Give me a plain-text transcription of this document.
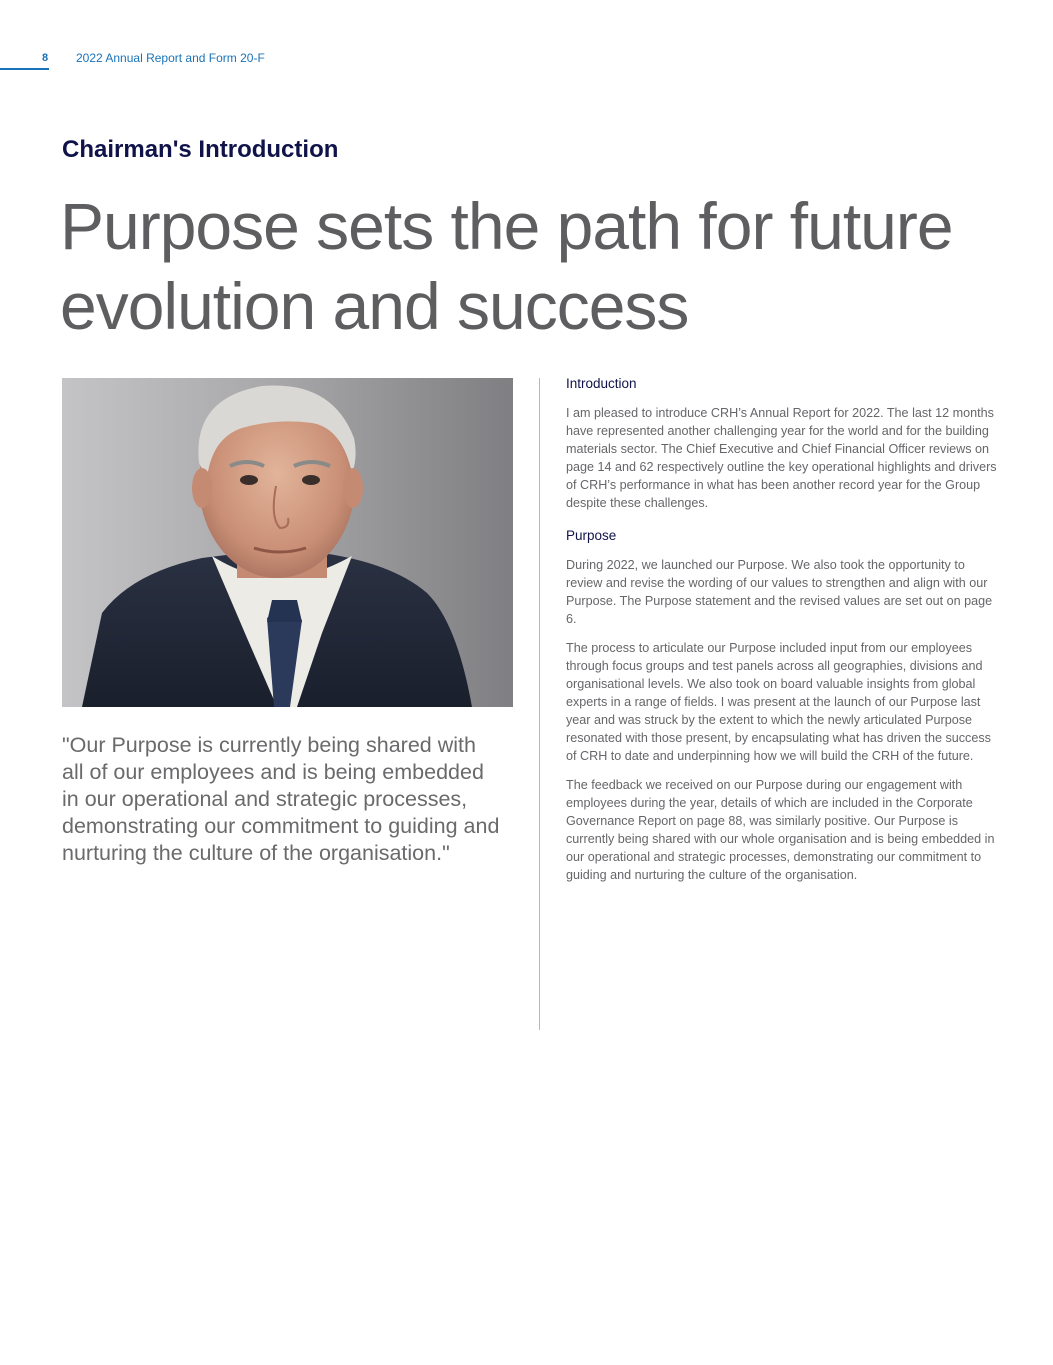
8 2022 Annual Report and Form 20-F
Chairman's Introduction
Purpose sets the path for future evolution and success

"Our Purpose is currently being shared with all of our employees and is being embedded in our operational and strategic processes, demonstrating our commitment to guiding and nurturing the culture of the organisation."

Introduction

I am pleased to introduce CRH’s Annual Report for 2022. The last 12 months have represented another challenging year for the world and for the building materials sector. The Chief Executive and Chief Financial Officer reviews on page 14 and 62 respectively outline the key operational highlights and drivers of CRH’s performance in what has been another record year for the Group despite these challenges.

Purpose

During 2022, we launched our Purpose. We also took the opportunity to review and revise the wording of our values to strengthen and align with our Purpose. The Purpose statement and the revised values are set out on page 6.

The process to articulate our Purpose included input from our employees through focus groups and test panels across all geographies, divisions and organisational levels. We also took on board valuable insights from global experts in a range of fields. I was present at the launch of our Purpose last year and was struck by the extent to which the newly articulated Purpose resonated with those present, by encapsulating what has driven the success of CRH to date and underpinning how we will build the CRH of the future.

The feedback we received on our Purpose during our engagement with employees during the year, details of which are included in the Corporate Governance Report on page 88, was similarly positive. Our Purpose is currently being shared with our whole organisation and is being embedded in our operational and strategic processes, demonstrating our commitment to guiding and nurturing the culture of the organisation.
